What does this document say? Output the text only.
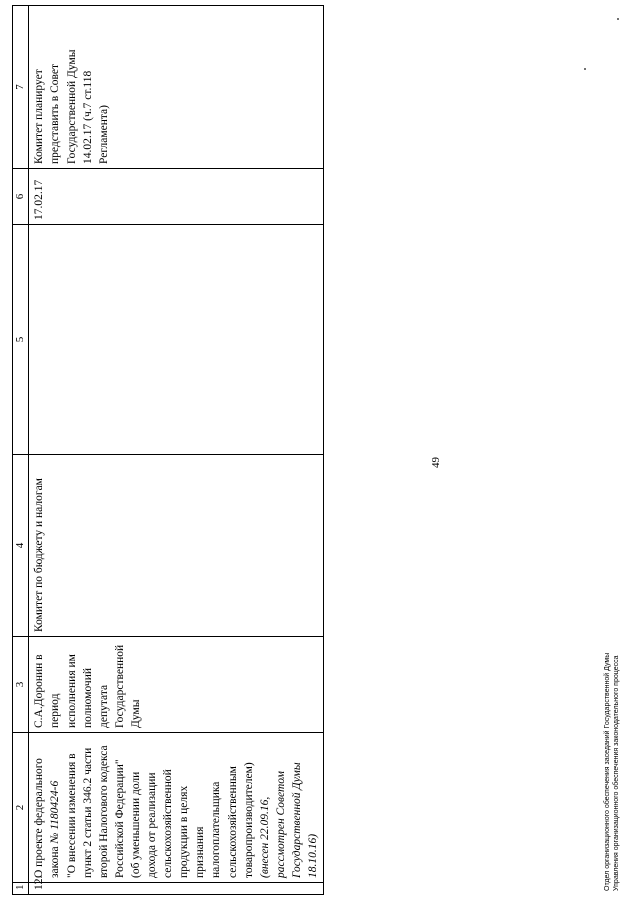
1	2	3	4	5	6	7
12.	О проекте федерального закона № 1180424-6 "О внесении изменения в пункт 2 статьи 346.2 части второй Налогового кодекса Российской Федерации" (об уменьшении доли дохода от реализации сельскохозяйственной продукции в целях признания налогоплательщика сельскохозяйственным товаропроизводителем) (внесен 22.09.16, рассмотрен Советом Государственной Думы 18.10.16)	С.А.Доронин в период исполнения им полномочий депутата Государственной Думы	Комитет по бюджету и налогам		17.02.17	Комитет планирует представить в Совет Государственной Думы 14.02.17 (ч.7 ст.118 Регламента)
49
Отдел организационного обеспечения заседаний Государственной Думы Управления организационного обеспечения законодательного процесса
